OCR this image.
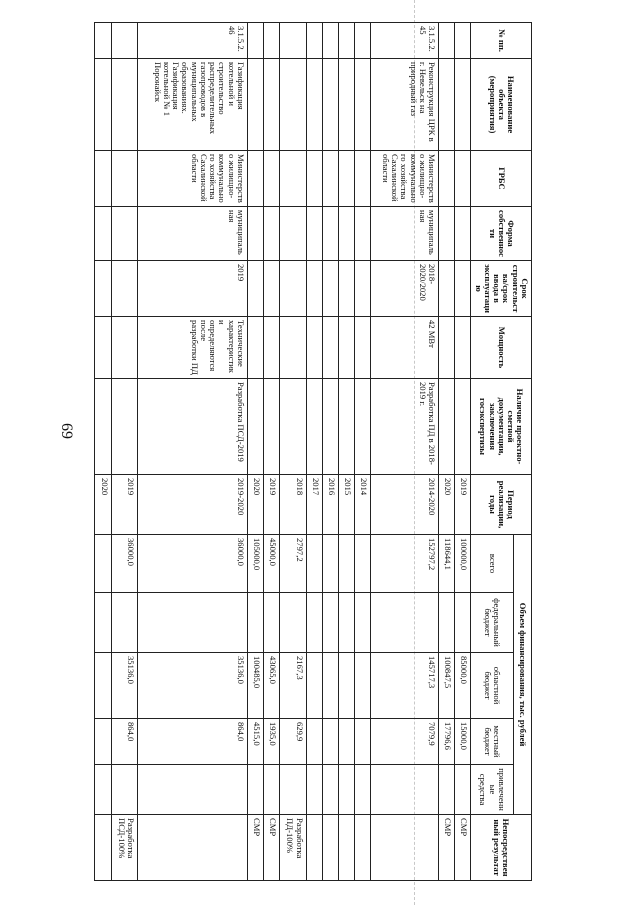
69
№ пп.	Наименование объекта (мероприятия)	ГРБС	Форма собственности	Срок строительства/срок ввода в эксплуатацию	Мощность	Наличие проектно-сметной документации, заключения госэкспертизы	Период реализации, годы	Объем финансирования, тыс. рублей					Непосредственный результат
								всего	федеральный бюджет	областной бюджет	местный бюджет	привлеченные средства	
							2019	100000,0		85000,0	15000,0		СМР
							2020	118644,1		100847,5	17796,6		СМР
3.1.5.2.45	Реконструкция ЦРК в г. Невельск на природный газ	Министерство жилищно-коммунального хозяйства Сахалинской области	муниципальная	2018-2020/2020	42 МВт	Разработка ПД в 2018-2019 г.	2014-2020	152797,2		145717,3	7079,9		
							2014						
							2015						
							2016						
							2017						
							2018	2797,2		2167,3	629,9		Разработка ПД-100%
							2019	45000,0		43065,0	1935,0		СМР
							2020	105000,0		100485,0	4515,0		СМР
3.1.5.2.46	Газификация котельной и строительство распределительных газопроводов в муниципальных образованиях. Газификация котельной № 1 Поронайск	Министерство жилищно-коммунального хозяйства Сахалинской области	муниципальная	2019	Технические характеристики определяются после разработки ПД	Разработка ПСД-2019	2019-2020	36000,0		35136,0	864,0		
							2019	36000,0		35136,0	864,0		Разработка ПСД-100%
							2020						
